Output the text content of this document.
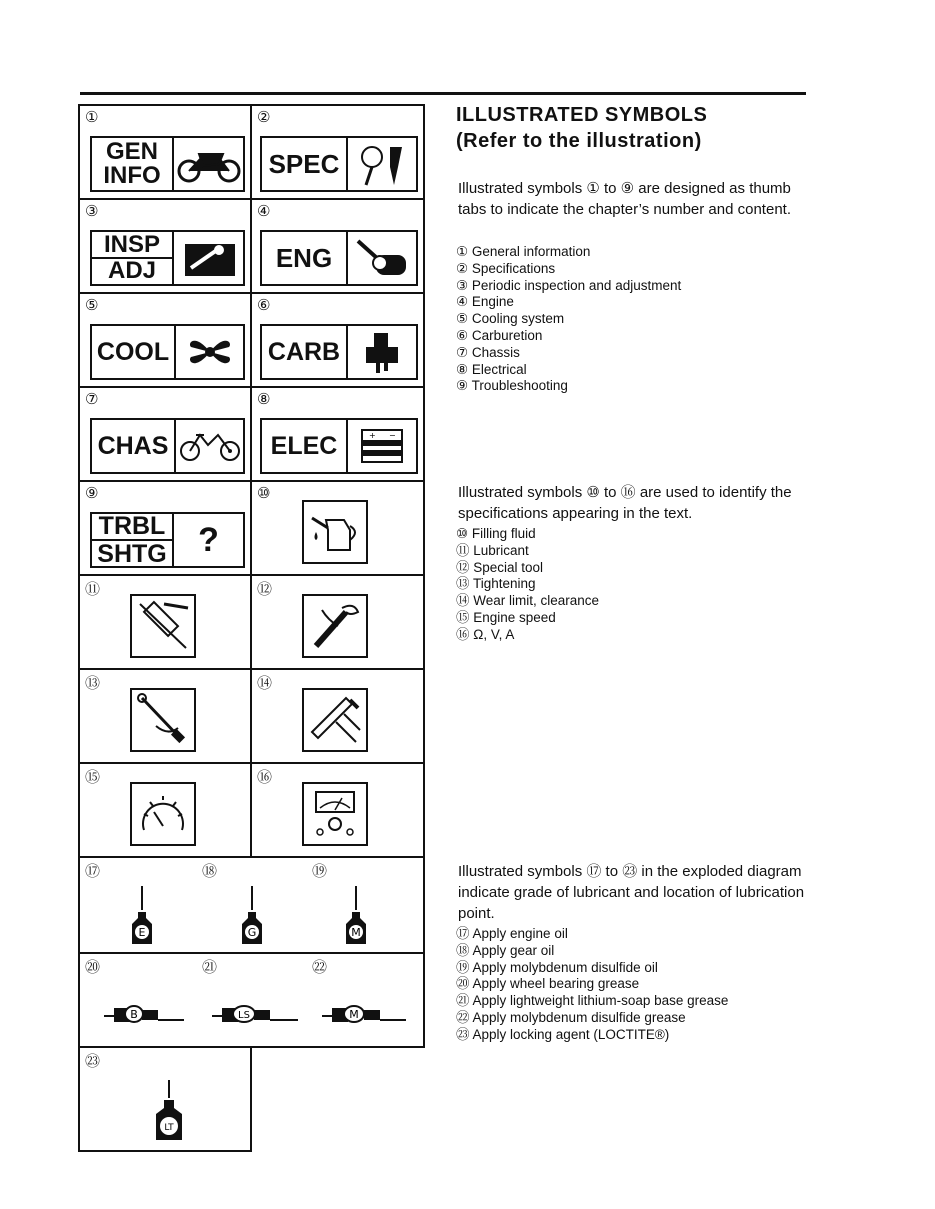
①
GEN
INFO
②
SPEC
③
INSP
ADJ
④
ENG
⑤
COOL
⑥
CARB
⑦
CHAS
⑧
ELEC	+ −
⑨
TRBL
SHTG ?
⑩
⑪	⑫
⑬	⑭
⑮	⑯
⑰	⑱	⑲
E	G	M
⑳	㉑	㉒
B	LS	M
㉓
LT
ILLUSTRATED SYMBOLS
(Refer to the illustration)
Illustrated symbols ① to ⑨ are designed as thumb tabs to indicate the chapter’s number and content.
① General information
② Specifications
③ Periodic inspection and adjustment
④ Engine
⑤ Cooling system
⑥ Carburetion
⑦ Chassis
⑧ Electrical
⑨ Troubleshooting
Illustrated symbols ⑩ to ⑯ are used to identify the specifications appearing in the text.
⑩ Filling fluid
⑪ Lubricant
⑫ Special tool
⑬ Tightening
⑭ Wear limit, clearance
⑮ Engine speed
⑯ Ω, V, A
Illustrated symbols ⑰ to ㉓ in the exploded diagram indicate grade of lubricant and location of lubrication point.
⑰ Apply engine oil
⑱ Apply gear oil
⑲ Apply molybdenum disulfide oil
⑳ Apply wheel bearing grease
㉑ Apply lightweight lithium-soap base grease
㉒ Apply molybdenum disulfide grease
㉓ Apply locking agent (LOCTITE®)
